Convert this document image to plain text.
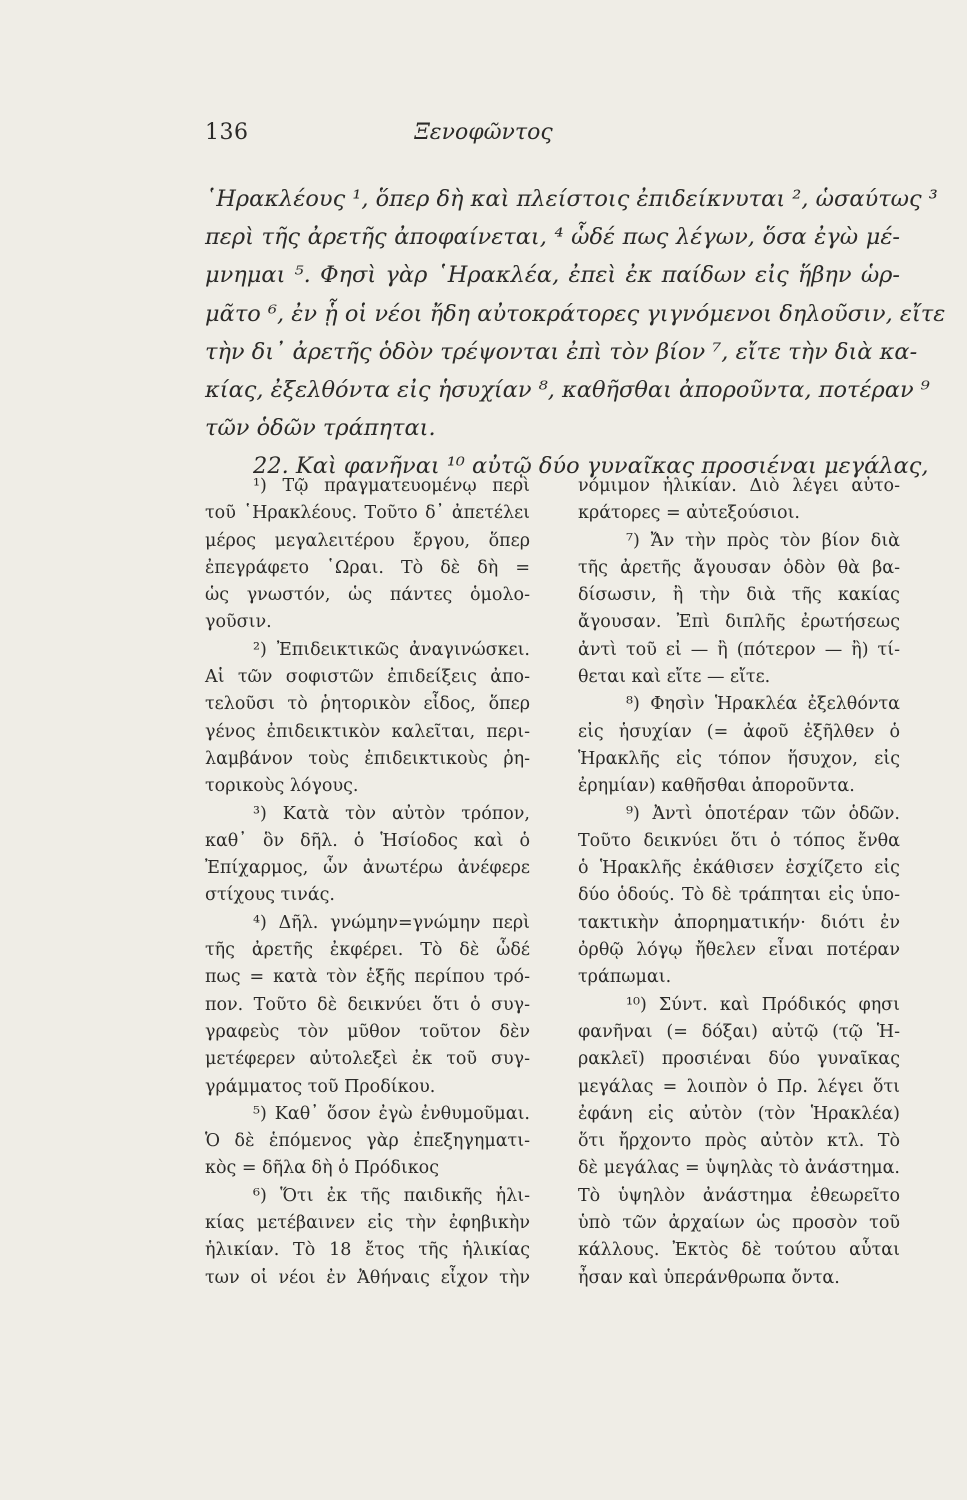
136	Ξενοφῶντος
῾Ηρακλέους ¹, ὅπερ δὴ καὶ πλείστοις ἐπιδείκνυται ², ὡσαύτως ³
περὶ τῆς ἀρετῆς ἀποφαίνεται, ⁴ ὧδέ πως λέγων, ὅσα ἐγὼ μέ-
μνημαι ⁵. Φησὶ γὰρ ῾Ηρακλέα, ἐπεὶ ἐκ παίδων εἰς ἥβην ὡρ-
μᾶτο ⁶, ἐν ᾗ οἱ νέοι ἤδη αὐτοκράτορες γιγνόμενοι δηλοῦσιν, εἴτε
τὴν δι᾽ ἀρετῆς ὁδὸν τρέψονται ἐπὶ τὸν βίον ⁷, εἴτε τὴν διὰ κα-
κίας, ἐξελθόντα εἰς ἡσυχίαν ⁸, καθῆσθαι ἀποροῦντα, ποτέραν ⁹
τῶν ὁδῶν τράπηται.
22. Καὶ φανῆναι ¹⁰ αὐτῷ δύο γυναῖκας προσιέναι μεγάλας,
¹) Τῷ πραγματευομένῳ περὶ
τοῦ ῾Ηρακλέους. Τοῦτο δ᾽ ἀπετέλει
μέρος μεγαλειτέρου ἔργου, ὅπερ
ἐπεγράφετο ῾Ωραι. Τὸ δὲ δὴ =
ὡς γνωστόν, ὡς πάντες ὁμολο-
γοῦσιν.
²) Ἐπιδεικτικῶς ἀναγινώσκει.
Αἱ τῶν σοφιστῶν ἐπιδείξεις ἀπο-
τελοῦσι τὸ ῥητορικὸν εἶδος, ὅπερ
γένος ἐπιδεικτικὸν καλεῖται, περι-
λαμβάνον τοὺς ἐπιδεικτικοὺς ῥη-
τορικοὺς λόγους.
³) Κατὰ τὸν αὐτὸν τρόπον,
καθ᾽ ὃν δῆλ. ὁ Ἡσίοδος καὶ ὁ
Ἐπίχαρμος, ὧν ἀνωτέρω ἀνέφερε
στίχους τινάς.
⁴) Δῆλ. γνώμην=γνώμην περὶ
τῆς ἀρετῆς ἐκφέρει. Τὸ δὲ ὧδέ
πως = κατὰ τὸν ἑξῆς περίπου τρό-
πον. Τοῦτο δὲ δεικνύει ὅτι ὁ συγ-
γραφεὺς τὸν μῦθον τοῦτον δὲν
μετέφερεν αὐτολεξεὶ ἐκ τοῦ συγ-
γράμματος τοῦ Προδίκου.
⁵) Καθ᾽ ὅσον ἐγὼ ἐνθυμοῦμαι.
Ὁ δὲ ἑπόμενος γὰρ ἐπεξηγηματι-
κὸς = δῆλα δὴ ὁ Πρόδικος
⁶) Ὅτι ἐκ τῆς παιδικῆς ἡλι-
κίας μετέβαινεν εἰς τὴν ἐφηβικὴν
ἡλικίαν. Τὸ 18 ἔτος τῆς ἡλικίας
των οἱ νέοι ἐν Ἀθήναις εἶχον τὴν
νόμιμον ἡλικίαν. Διὸ λέγει αὐτο-
κράτορες = αὐτεξούσιοι.
⁷) Ἄν τὴν πρὸς τὸν βίον διὰ
τῆς ἀρετῆς ἄγουσαν ὁδὸν θὰ βα-
δίσωσιν, ἢ τὴν διὰ τῆς κακίας
ἄγουσαν. Ἐπὶ διπλῆς ἐρωτήσεως
ἀντὶ τοῦ εἰ — ἢ (πότερον — ἢ) τί-
θεται καὶ εἴτε — εἴτε.
⁸) Φησὶν Ἡρακλέα ἐξελθόντα
εἰς ἡσυχίαν (= ἀφοῦ ἐξῆλθεν ὁ
Ἡρακλῆς εἰς τόπον ἥσυχον, εἰς
ἐρημίαν) καθῆσθαι ἀποροῦντα.
⁹) Ἀντὶ ὁποτέραν τῶν ὁδῶν.
Τοῦτο δεικνύει ὅτι ὁ τόπος ἔνθα
ὁ Ἡρακλῆς ἐκάθισεν ἐσχίζετο εἰς
δύο ὁδούς. Τὸ δὲ τράπηται εἰς ὑπο-
τακτικὴν ἀπορηματικήν· διότι ἐν
ὀρθῷ λόγῳ ἤθελεν εἶναι ποτέραν
τράπωμαι.
¹⁰) Σύντ. καὶ Πρόδικός φησι
φανῆναι (= δόξαι) αὐτῷ (τῷ Ἡ-
ρακλεῖ) προσιέναι δύο γυναῖκας
μεγάλας = λοιπὸν ὁ Πρ. λέγει ὅτι
ἐφάνη εἰς αὐτὸν (τὸν Ἡρακλέα)
ὅτι ἤρχοντο πρὸς αὐτὸν κτλ. Τὸ
δὲ μεγάλας = ὑψηλὰς τὸ ἀνάστημα.
Τὸ ὑψηλὸν ἀνάστημα ἐθεωρεῖτο
ὑπὸ τῶν ἀρχαίων ὡς προσὸν τοῦ
κάλλους. Ἐκτὸς δὲ τούτου αὗται
ἦσαν καὶ ὑπεράνθρωπα ὄντα.
